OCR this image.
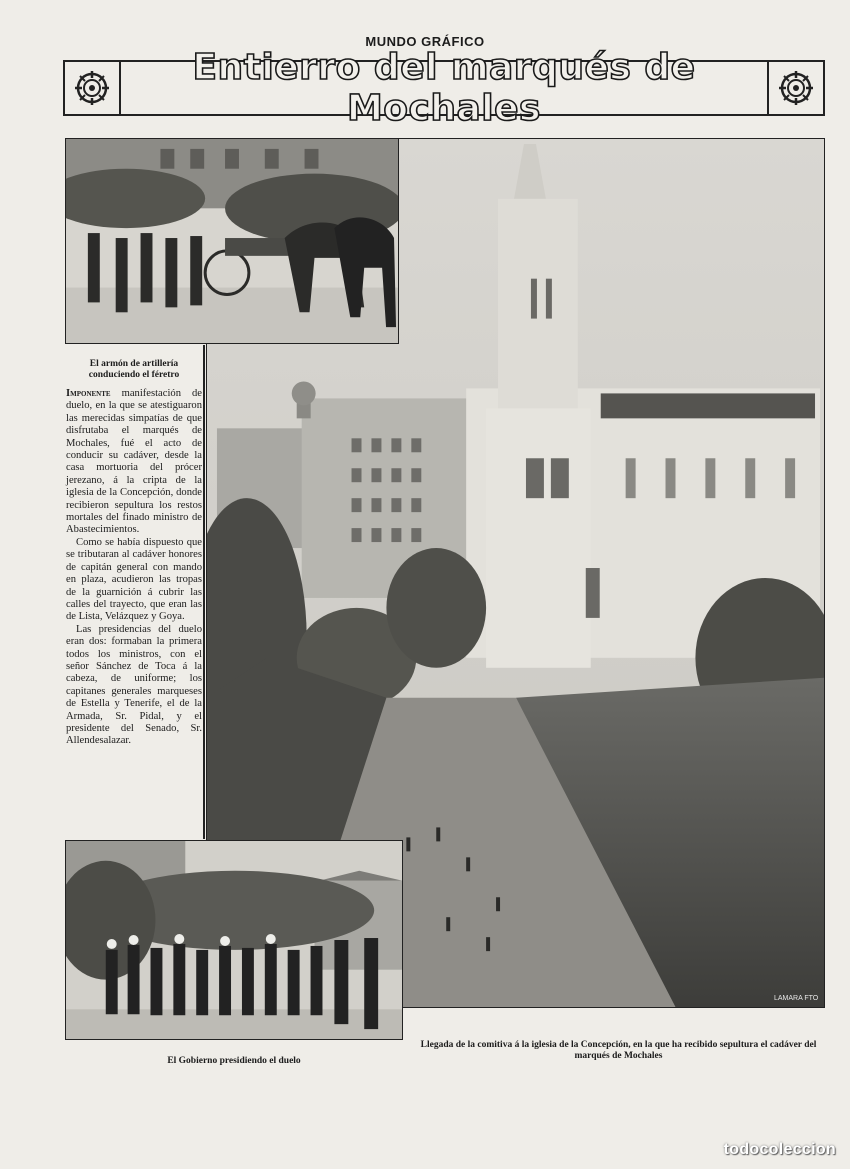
MUNDO GRÁFICO
Entierro del marqués de Mochales
LAMARA FTO
El armón de artillería conduciendo el féretro

Imponente manifestación de duelo, en la que se atestiguaron las merecidas simpatías de que disfrutaba el marqués de Mochales, fué el acto de conducir su cadáver, desde la casa mortuoria del prócer jerezano, á la cripta de la iglesia de la Concepción, donde recibieron sepultura los restos mortales del finado ministro de Abastecimientos.

Como se había dispuesto que se tributaran al cadáver honores de capitán general con mando en plaza, acudieron las tropas de la guarnición á cubrir las calles del trayecto, que eran las de Lista, Velázquez y Goya.

Las presidencias del duelo eran dos: formaban la primera todos los ministros, con el señor Sánchez de Toca á la cabeza, de uniforme; los capitanes generales marqueses de Estella y Tenerife, el de la Armada, Sr. Pidal, y el presidente del Senado, Sr. Allendesalazar.

El Gobierno presidiendo el duelo
Llegada de la comitiva á la iglesia de la Concepción, en la que ha recibido sepultura el cadáver del marqués de Mochales
todocoleccion
